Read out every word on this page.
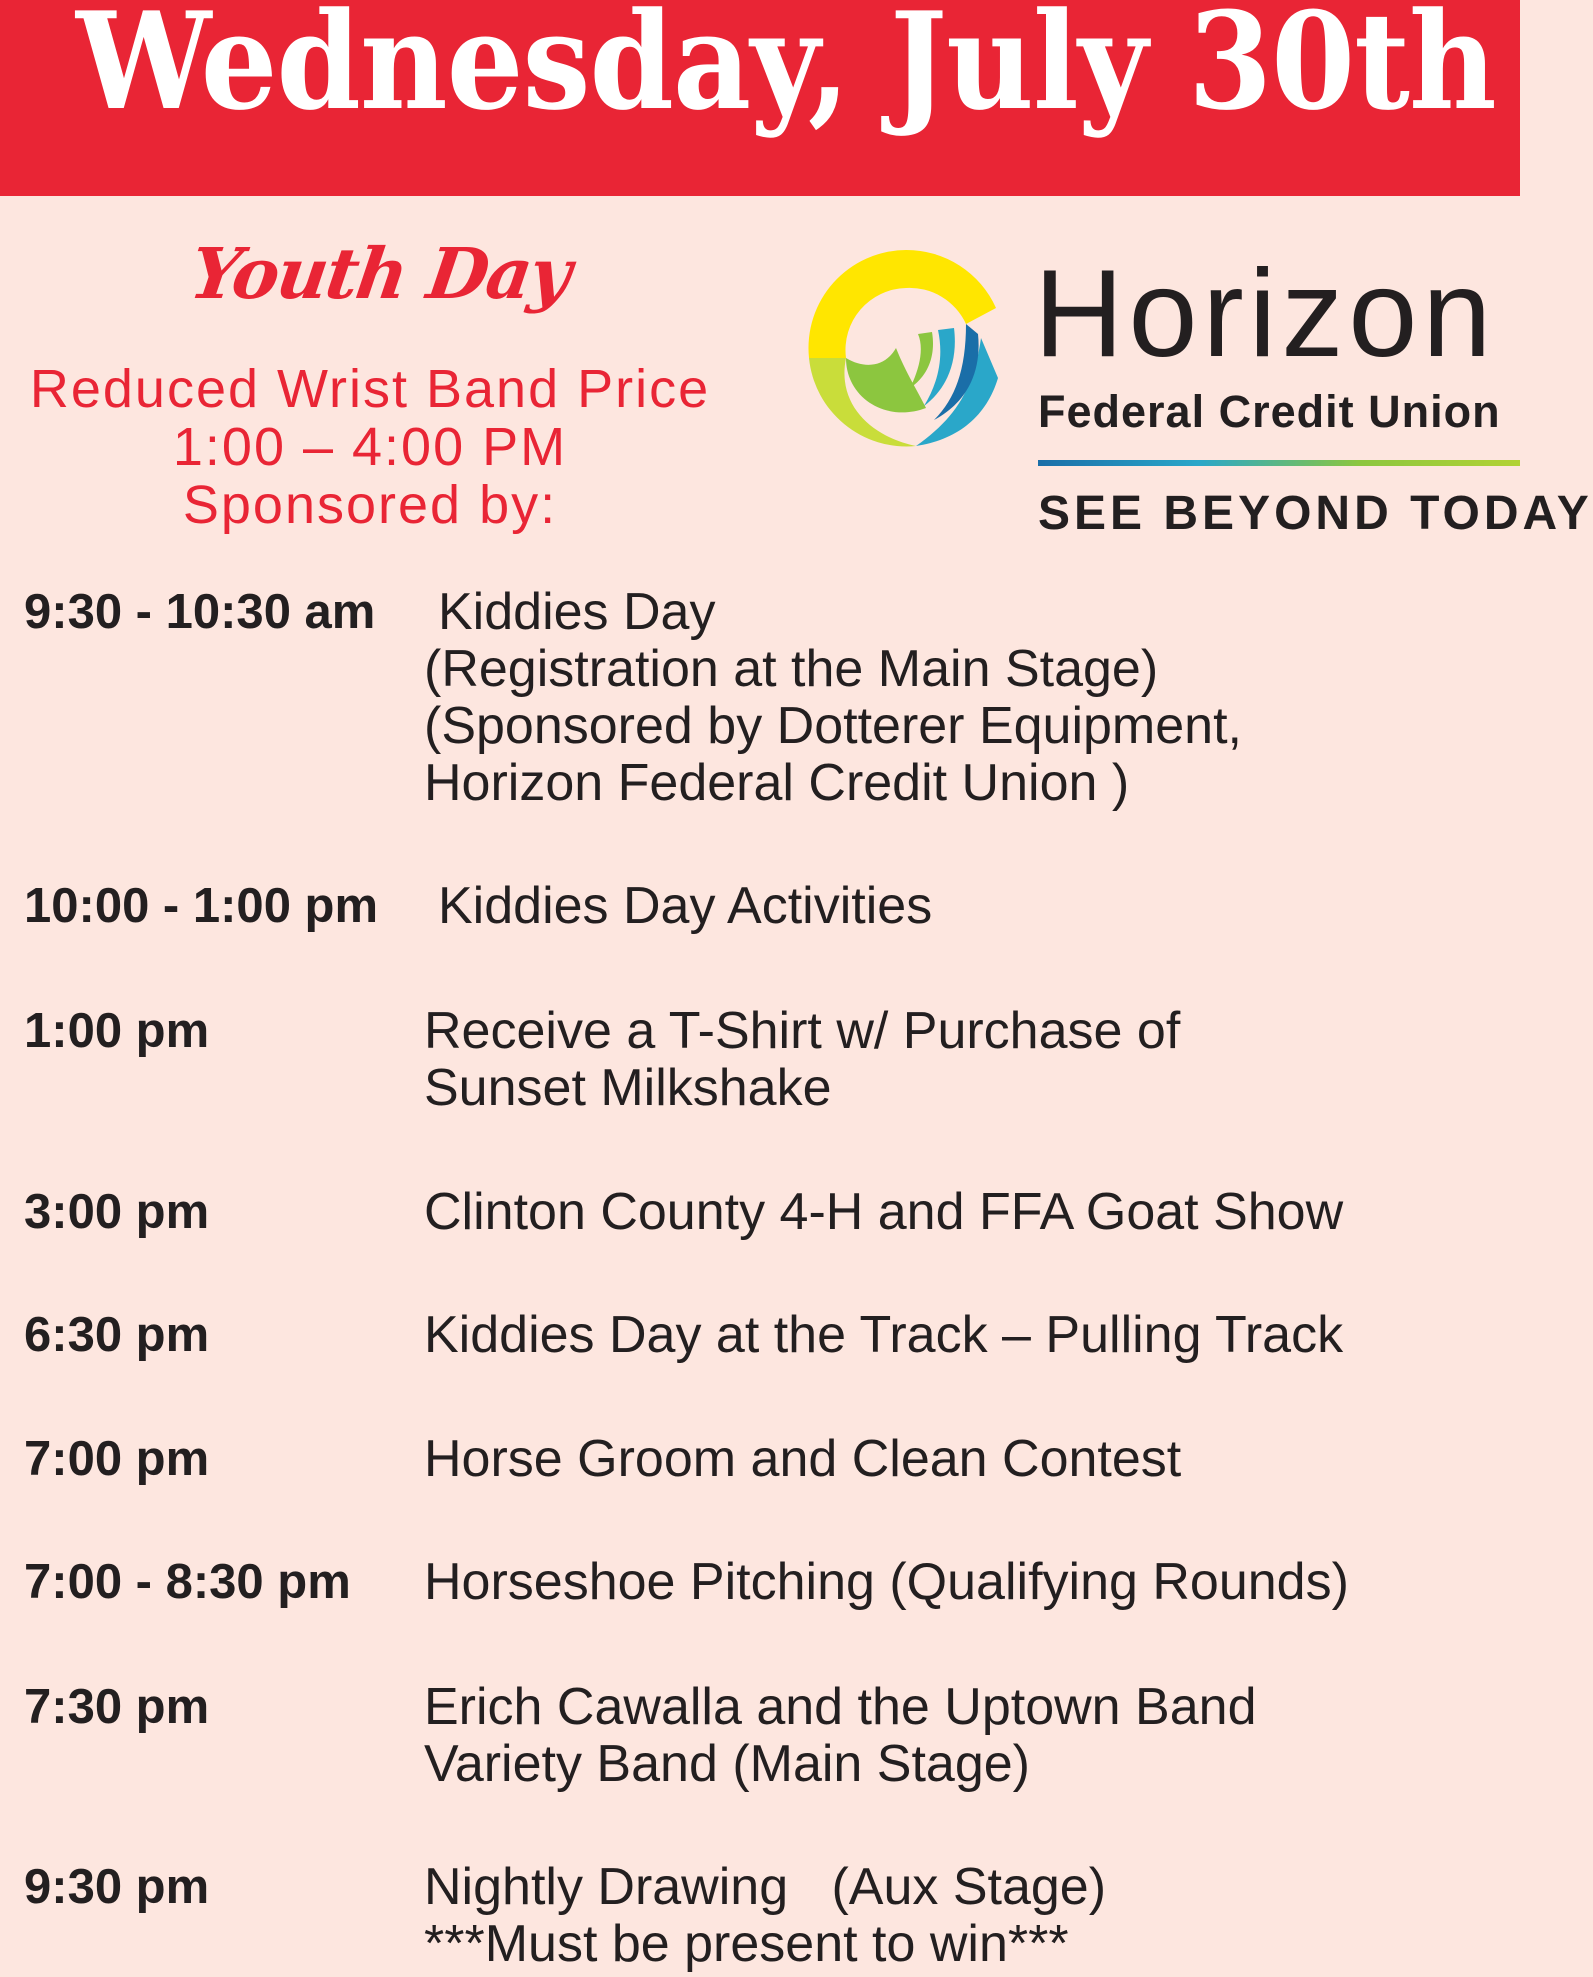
Wednesday, July 30th
Youth Day
Reduced Wrist Band Price
1:00 – 4:00 PM
Sponsored by:
Horizon
Federal Credit Union
SEE BEYOND TODAY
9:30 - 10:30 am Kiddies Day
(Registration at the Main Stage)
(Sponsored by Dotterer Equipment,
Horizon Federal Credit Union )
10:00 - 1:00 pm Kiddies Day Activities
1:00 pm	Receive a T-Shirt w/ Purchase of
Sunset Milkshake
3:00 pm	Clinton County 4-H and FFA Goat Show
6:30 pm	Kiddies Day at the Track – Pulling Track
7:00 pm	Horse Groom and Clean Contest
7:00 - 8:30 pm Horseshoe Pitching (Qualifying Rounds)
7:30 pm	Erich Cawalla and the Uptown Band
Variety Band (Main Stage)
9:30 pm	Nightly Drawing   (Aux Stage)
***Must be present to win***
